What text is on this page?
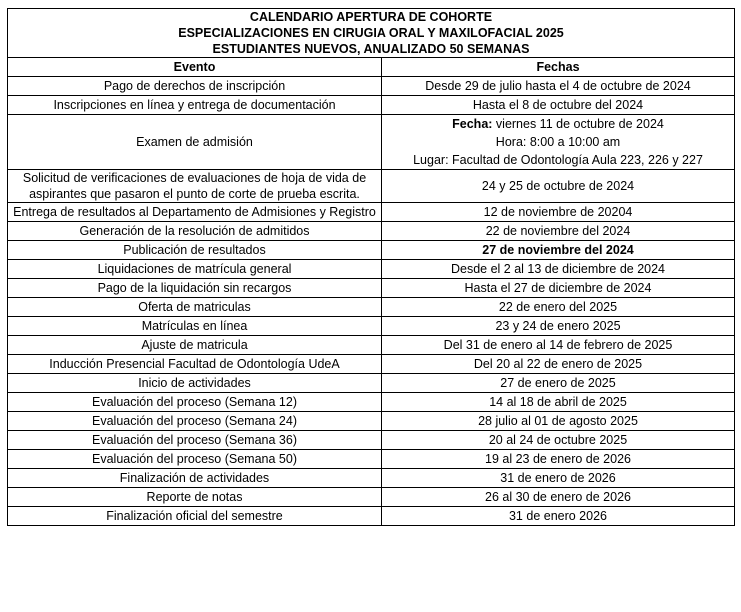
CALENDARIO APERTURA DE COHORTE
ESPECIALIZACIONES EN CIRUGIA ORAL Y MAXILOFACIAL 2025
ESTUDIANTES NUEVOS, ANUALIZADO 50 SEMANAS	

Evento	Fechas
Pago de derechos de inscripción	Desde 29 de julio hasta el 4 de octubre de 2024
Inscripciones en línea y entrega de documentación	Hasta el 8 de octubre del 2024
Examen de admisión	Fecha: viernes 11 de octubre de 2024
Hora: 8:00 a 10:00 am
Lugar: Facultad de Odontología Aula 223, 226 y 227

Solicitud de verificaciones de evaluaciones de hoja de vida de aspirantes que pasaron el punto de corte de prueba escrita.	24 y 25 de octubre de 2024
Entrega de resultados al Departamento de Admisiones y Registro	12 de noviembre de 20204
Generación de la resolución de admitidos	22 de noviembre del 2024
Publicación de resultados	27 de noviembre del 2024
Liquidaciones de matrícula general	Desde el 2 al 13 de diciembre de 2024
Pago de la liquidación sin recargos	Hasta el 27 de diciembre de 2024
Oferta de matriculas	22 de enero del 2025
Matrículas en línea	23 y 24 de enero 2025
Ajuste de matricula	Del 31 de enero al 14 de febrero de 2025
Inducción Presencial Facultad de Odontología UdeA	Del 20 al 22 de enero de 2025
Inicio de actividades	27 de enero de 2025
Evaluación del proceso (Semana 12)	14 al 18 de abril de 2025
Evaluación del proceso (Semana 24)	28 julio al 01 de agosto 2025
Evaluación del proceso (Semana 36)	20 al 24 de octubre 2025
Evaluación del proceso (Semana 50)	19 al 23 de enero de 2026
Finalización de actividades	31 de enero de 2026
Reporte de notas	26 al 30 de enero de 2026
Finalización oficial del semestre	31 de enero 2026
